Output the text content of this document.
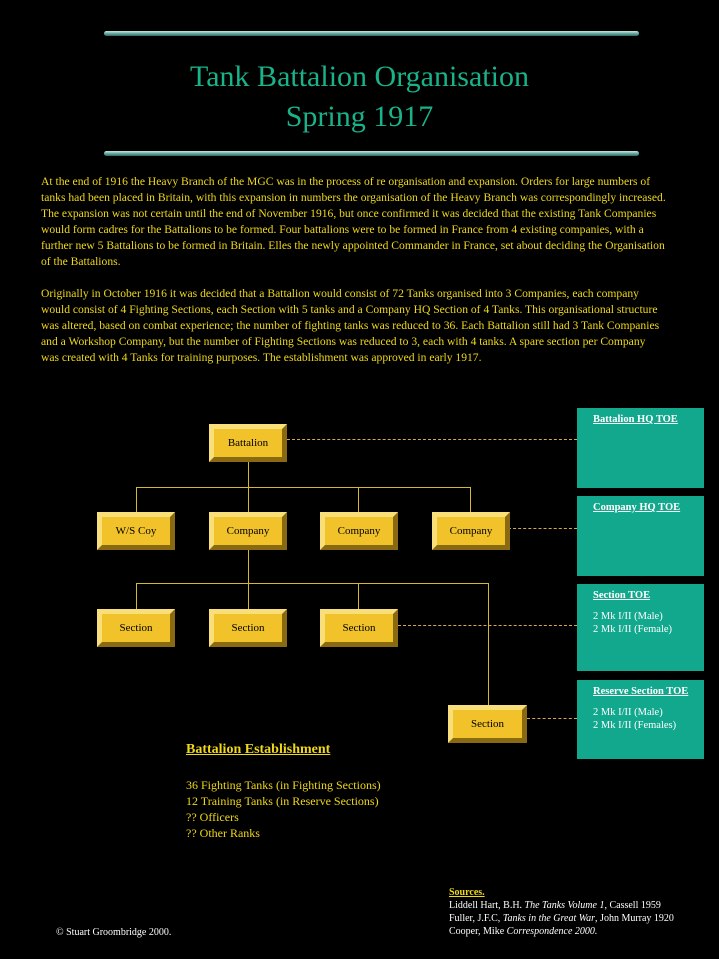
Tank Battalion Organisation
Spring 1917

At the end of 1916 the Heavy Branch of the MGC was in the process of re organisation and expansion. Orders for large numbers of tanks had been placed in Britain, with this expansion in numbers the organisation of the Heavy Branch was correspondingly increased. The expansion was not certain until the end of November 1916, but once confirmed it was decided that the existing Tank Companies would form cadres for the Battalions to be formed. Four battalions were to be formed in France from 4 existing companies, with a further new 5 Battalions to be formed in Britain. Elles the newly appointed Commander in France, set about deciding the Organisation of the Battalions.

Originally in October 1916 it was decided that a Battalion would consist of 72 Tanks organised into 3 Companies, each company would consist of 4 Fighting Sections, each Section with 5 tanks and a Company HQ Section of 4 Tanks. This organisational structure was altered, based on combat experience; the number of fighting tanks was reduced to 36. Each Battalion still had 3 Tank Companies and a Workshop Company, but the number of Fighting Sections was reduced to 3, each with 4 tanks. A spare section per Company was created with 4 Tanks for training purposes. The establishment was approved in early 1917.

Battalion
W/S Coy	Company	Company	Company
Section	Section	Section
Section
Battalion HQ TOE
Company HQ TOE
Section TOE
2 Mk I/II (Male)
2 Mk I/II (Female)
Reserve Section TOE
2 Mk I/II (Male)
2 Mk I/II (Females)
Battalion Establishment
36 Fighting Tanks (in Fighting Sections)
12 Training Tanks (in Reserve Sections)
?? Officers
?? Other Ranks
Sources.
Liddell Hart, B.H. The Tanks Volume 1, Cassell 1959
Fuller, J.F.C, Tanks in the Great War, John Murray 1920
Cooper, Mike Correspondence 2000.
© Stuart Groombridge 2000.
